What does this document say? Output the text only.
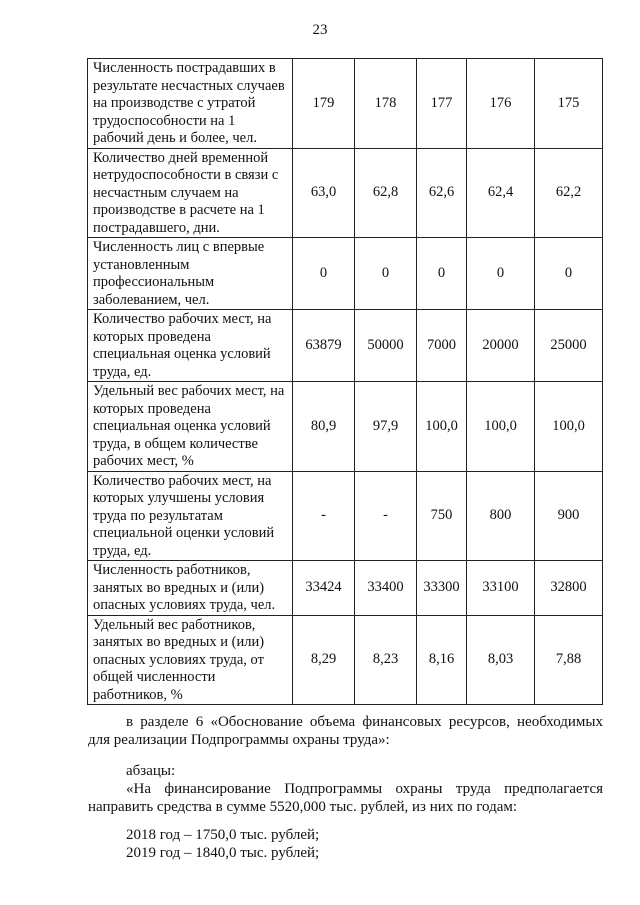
23
Численность пострадавших в результате несчастных случаев на производстве с утратой трудоспособности на 1 рабочий день и более, чел.	179	178	177	176	175
Количество дней временной нетрудоспособности в связи с несчастным случаем на производстве в расчете на 1 пострадавшего, дни.	63,0	62,8	62,6	62,4	62,2
Численность лиц с впервые установленным профессиональным заболеванием, чел.	0	0	0	0	0
Количество рабочих мест, на которых проведена специальная оценка условий труда, ед.	63879	50000	7000	20000	25000
Удельный вес рабочих мест, на которых проведена специальная оценка условий труда, в общем количестве рабочих мест, %	80,9	97,9	100,0	100,0	100,0
Количество рабочих мест, на которых улучшены условия труда по результатам специальной оценки условий труда, ед.	-	-	750	800	900
Численность работников, занятых во вредных и (или) опасных условиях труда, чел.	33424	33400	33300	33100	32800
Удельный вес работников, занятых во вредных и (или) опасных условиях труда, от общей численности работников, %	8,29	8,23	8,16	8,03	7,88

в разделе 6 «Обоснование объема финансовых ресурсов, необходимых для реализации Подпрограммы охраны труда»:

абзацы:

«На финансирование Подпрограммы охраны труда предполагается направить средства в сумме 5520,000 тыс. рублей, из них по годам:

2018 год – 1750,0 тыс. рублей;

2019 год – 1840,0 тыс. рублей;
